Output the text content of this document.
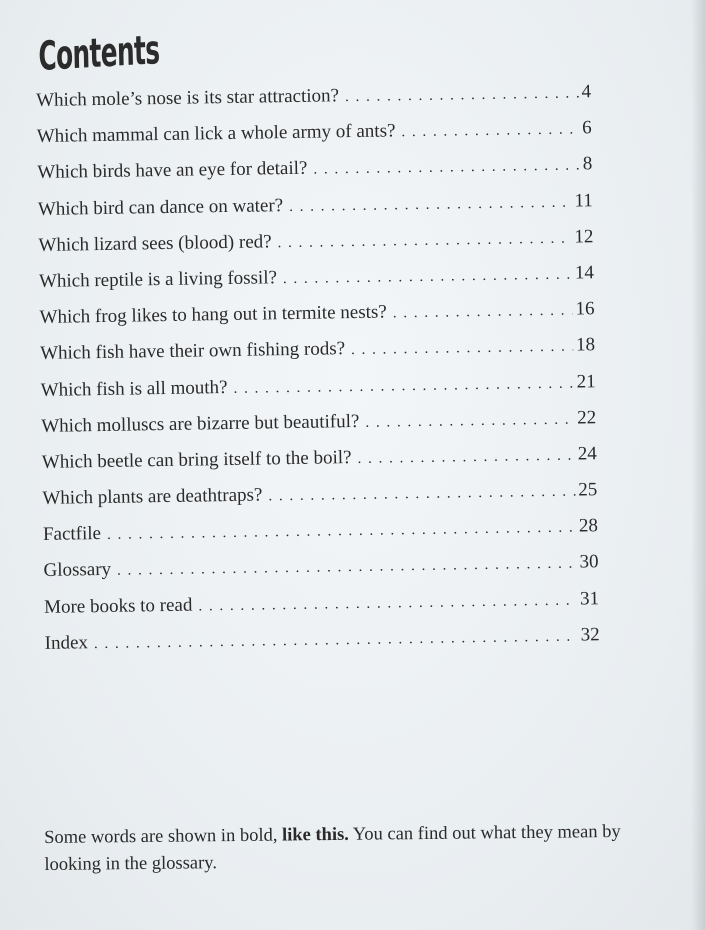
Contents
Which mole’s nose is its star attraction? . . .	4
Which mammal can lick a whole army of ants? . . .	6
Which birds have an eye for detail? . . .	8
Which bird can dance on water? . . .	11
Which lizard sees (blood) red? . . .	12
Which reptile is a living fossil? . . .	14
Which frog likes to hang out in termite nests? . . .	16
Which fish have their own fishing rods? . . .	18
Which fish is all mouth? . . .	21
Which molluscs are bizarre but beautiful? . . .	22
Which beetle can bring itself to the boil? . . .	24
Which plants are deathtraps? . . .	25
Factfile . . .	28
Glossary . . .	30
More books to read . . .	31
Index . . .	32

Some words are shown in bold, like this. You can find out what they mean by looking in the glossary.
